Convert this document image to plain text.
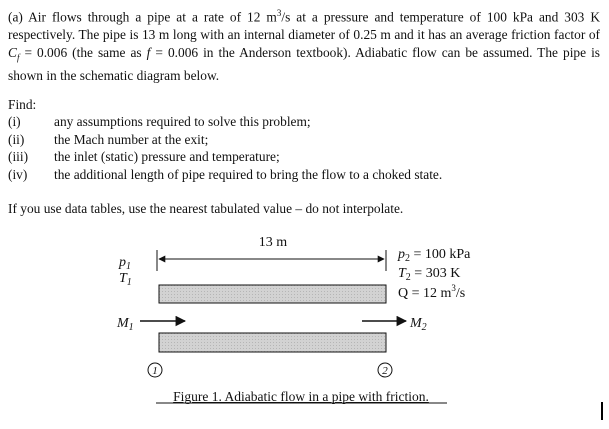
(a) Air flows through a pipe at a rate of 12 $m^3/s$ at a pressure and temperature of 100 kPa and 303 K respectively. The pipe is 13 m long with an internal diameter of 0.25 m and it has an average friction factor of $C_f = 0.006$ (the same as f = 0.006 in the Anderson textbook). Adiabatic flow can be assumed. The pipe is shown in the schematic diagram below.
Find:
(i) any assumptions required to solve this problem;
(ii) the Mach number at the exit;
(iii) the inlet (static) pressure and temperature;
(iv) the additional length of pipe required to bring the flow to a choked state.
If you use data tables, use the nearest tabulated value – do not interpolate.
13 m
$p_1$
$T_1$
$M_1$	$M_2$
$p_2 = 100$ kPa
$T_2 = 303$ K
Q = 12 $m^3/s$
1	2
Figure 1. Adiabatic flow in a pipe with friction.
